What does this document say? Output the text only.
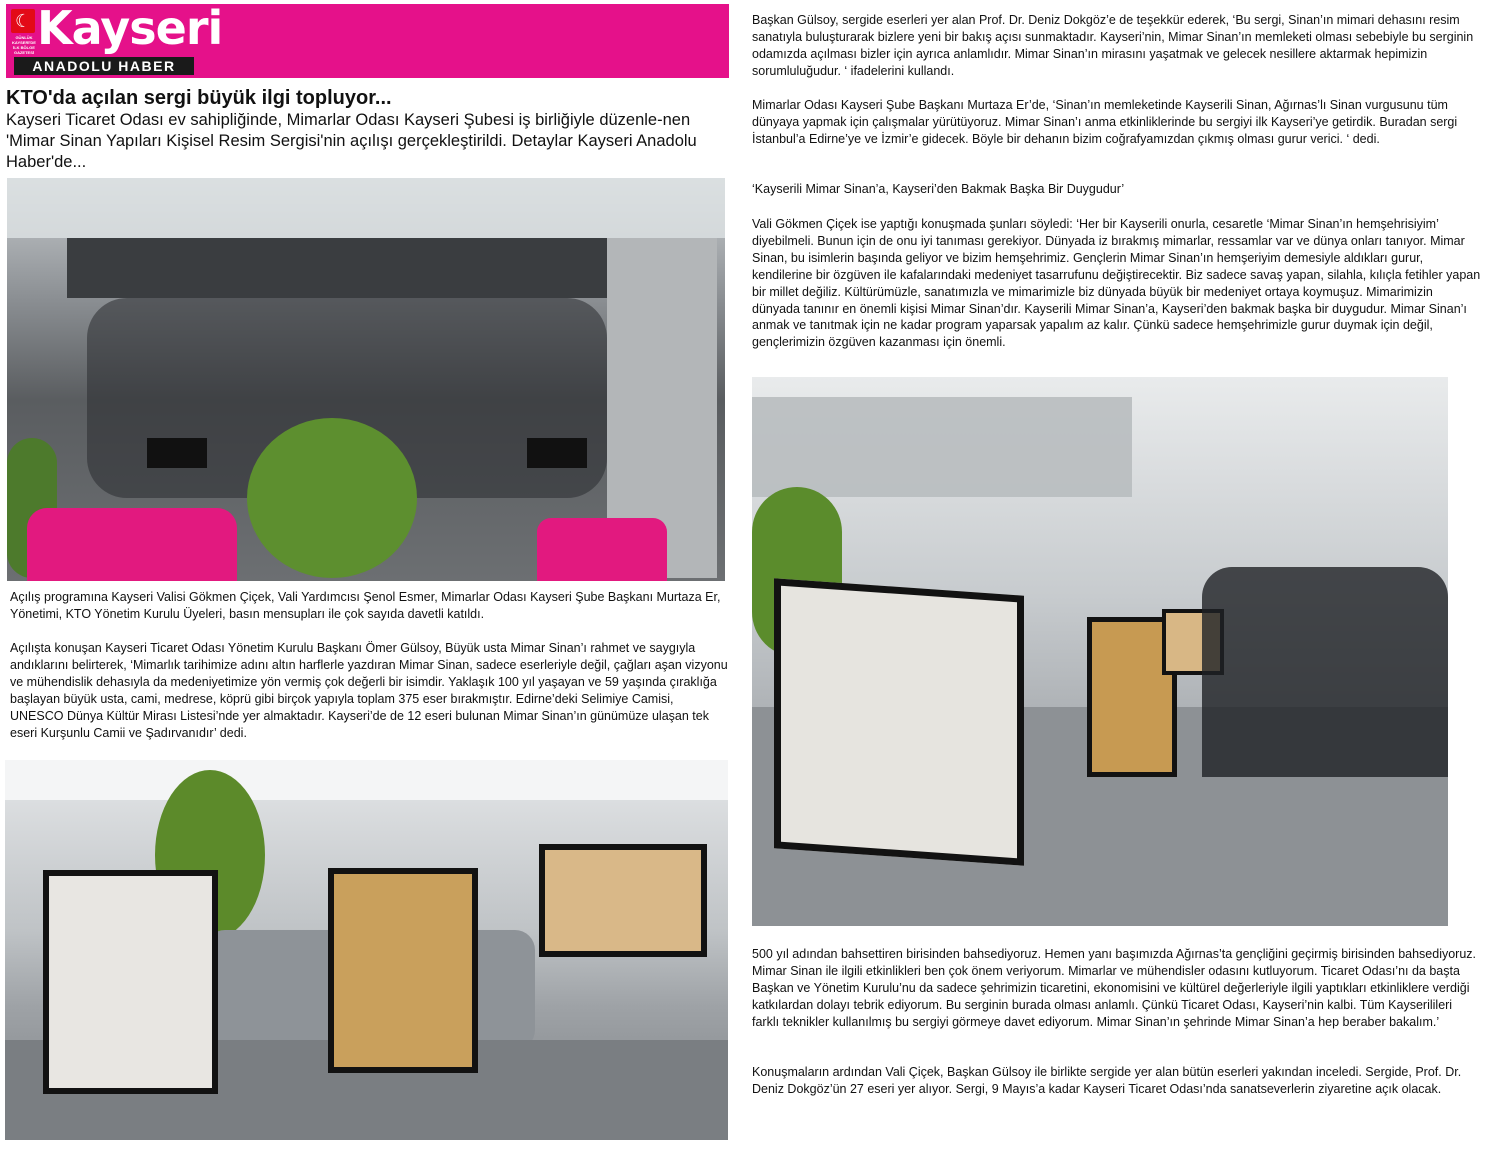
☾
GÜNLÜK KAYSERİ'DE İLK BÖLGE GAZETESİ Kayseri
ANADOLU HABER
KTO'da açılan sergi büyük ilgi topluyor...

Kayseri Ticaret Odası ev sahipliğinde, Mimarlar Odası Kayseri Şubesi iş birliğiyle düzenle-nen 'Mimar Sinan Yapıları Kişisel Resim Sergisi'nin açılışı gerçekleştirildi. Detaylar Kayseri Anadolu Haber'de...

Açılış programına Kayseri Valisi Gökmen Çiçek, Vali Yardımcısı Şenol Esmer, Mimarlar Odası Kayseri Şube Başkanı Murtaza Er, Yönetimi, KTO Yönetim Kurulu Üyeleri, basın mensupları ile çok sayıda davetli katıldı.

Açılışta konuşan Kayseri Ticaret Odası Yönetim Kurulu Başkanı Ömer Gülsoy, Büyük usta Mimar Sinan’ı rahmet ve saygıyla andıklarını belirterek, ‘Mimarlık tarihimize adını altın harflerle yazdıran Mimar Sinan, sadece eserleriyle değil, çağları aşan vizyonu ve mühendislik dehasıyla da medeniyetimize yön vermiş çok değerli bir isimdir. Yaklaşık 100 yıl yaşayan ve 59 yaşında çıraklığa başlayan büyük usta, cami, medrese, köprü gibi birçok yapıyla toplam 375 eser bırakmıştır. Edirne’deki Selimiye Camisi, UNESCO Dünya Kültür Mirası Listesi’nde yer almaktadır. Kayseri’de de 12 eseri bulunan Mimar Sinan’ın günümüze ulaşan tek eseri Kurşunlu Camii ve Şadırvanıdır’ dedi.

Başkan Gülsoy, sergide eserleri yer alan Prof. Dr. Deniz Dokgöz’e de teşekkür ederek, ‘Bu sergi, Sinan’ın mimari dehasını resim sanatıyla buluşturarak bizlere yeni bir bakış açısı sunmaktadır. Kayseri’nin, Mimar Sinan’ın memleketi olması sebebiyle bu serginin odamızda açılması bizler için ayrıca anlamlıdır. Mimar Sinan’ın mirasını yaşatmak ve gelecek nesillere aktarmak hepimizin sorumluluğudur. ‘ ifadelerini kullandı.

Mimarlar Odası Kayseri Şube Başkanı Murtaza Er’de, ‘Sinan’ın memleketinde Kayserili Sinan, Ağırnas’lı Sinan vurgusunu tüm dünyaya yapmak için çalışmalar yürütüyoruz. Mimar Sinan’ı anma etkinliklerinde bu sergiyi ilk Kayseri’ye getirdik. Buradan sergi İstanbul’a Edirne’ye ve İzmir’e gidecek. Böyle bir dehanın bizim coğrafyamızdan çıkmış olması gurur verici. ‘ dedi.

‘Kayserili Mimar Sinan’a, Kayseri’den Bakmak Başka Bir Duygudur’

Vali Gökmen Çiçek ise yaptığı konuşmada şunları söyledi: ‘Her bir Kayserili onurla, cesaretle ‘Mimar Sinan’ın hemşehrisiyim’ diyebilmeli. Bunun için de onu iyi tanıması gerekiyor. Dünyada iz bırakmış mimarlar, ressamlar var ve dünya onları tanıyor. Mimar Sinan, bu isimlerin başında geliyor ve bizim hemşehrimiz. Gençlerin Mimar Sinan’ın hemşeriyim demesiyle aldıkları gurur, kendilerine bir özgüven ile kafalarındaki medeniyet tasarrufunu değiştirecektir. Biz sadece savaş yapan, silahla, kılıçla fetihler yapan bir millet değiliz. Kültürümüzle, sanatımızla ve mimarimizle biz dünyada büyük bir medeniyet ortaya koymuşuz. Mimarimizin dünyada tanınır en önemli kişisi Mimar Sinan’dır. Kayserili Mimar Sinan’a, Kayseri’den bakmak başka bir duygudur. Mimar Sinan’ı anmak ve tanıtmak için ne kadar program yaparsak yapalım az kalır. Çünkü sadece hemşehrimizle gurur duymak için değil, gençlerimizin özgüven kazanması için önemli.

500 yıl adından bahsettiren birisinden bahsediyoruz. Hemen yanı başımızda Ağırnas’ta gençliğini geçirmiş birisinden bahsediyoruz. Mimar Sinan ile ilgili etkinlikleri ben çok önem veriyorum. Mimarlar ve mühendisler odasını kutluyorum. Ticaret Odası’nı da başta Başkan ve Yönetim Kurulu’nu da sadece şehrimizin ticaretini, ekonomisini ve kültürel değerleriyle ilgili yaptıkları etkinliklere verdiği katkılardan dolayı tebrik ediyorum. Bu serginin burada olması anlamlı. Çünkü Ticaret Odası, Kayseri’nin kalbi. Tüm Kayserilileri farklı teknikler kullanılmış bu sergiyi görmeye davet ediyorum. Mimar Sinan’ın şehrinde Mimar Sinan’a hep beraber bakalım.’

Konuşmaların ardından Vali Çiçek, Başkan Gülsoy ile birlikte sergide yer alan bütün eserleri yakından inceledi. Sergide, Prof. Dr. Deniz Dokgöz’ün 27 eseri yer alıyor. Sergi, 9 Mayıs’a kadar Kayseri Ticaret Odası’nda sanatseverlerin ziyaretine açık olacak.
